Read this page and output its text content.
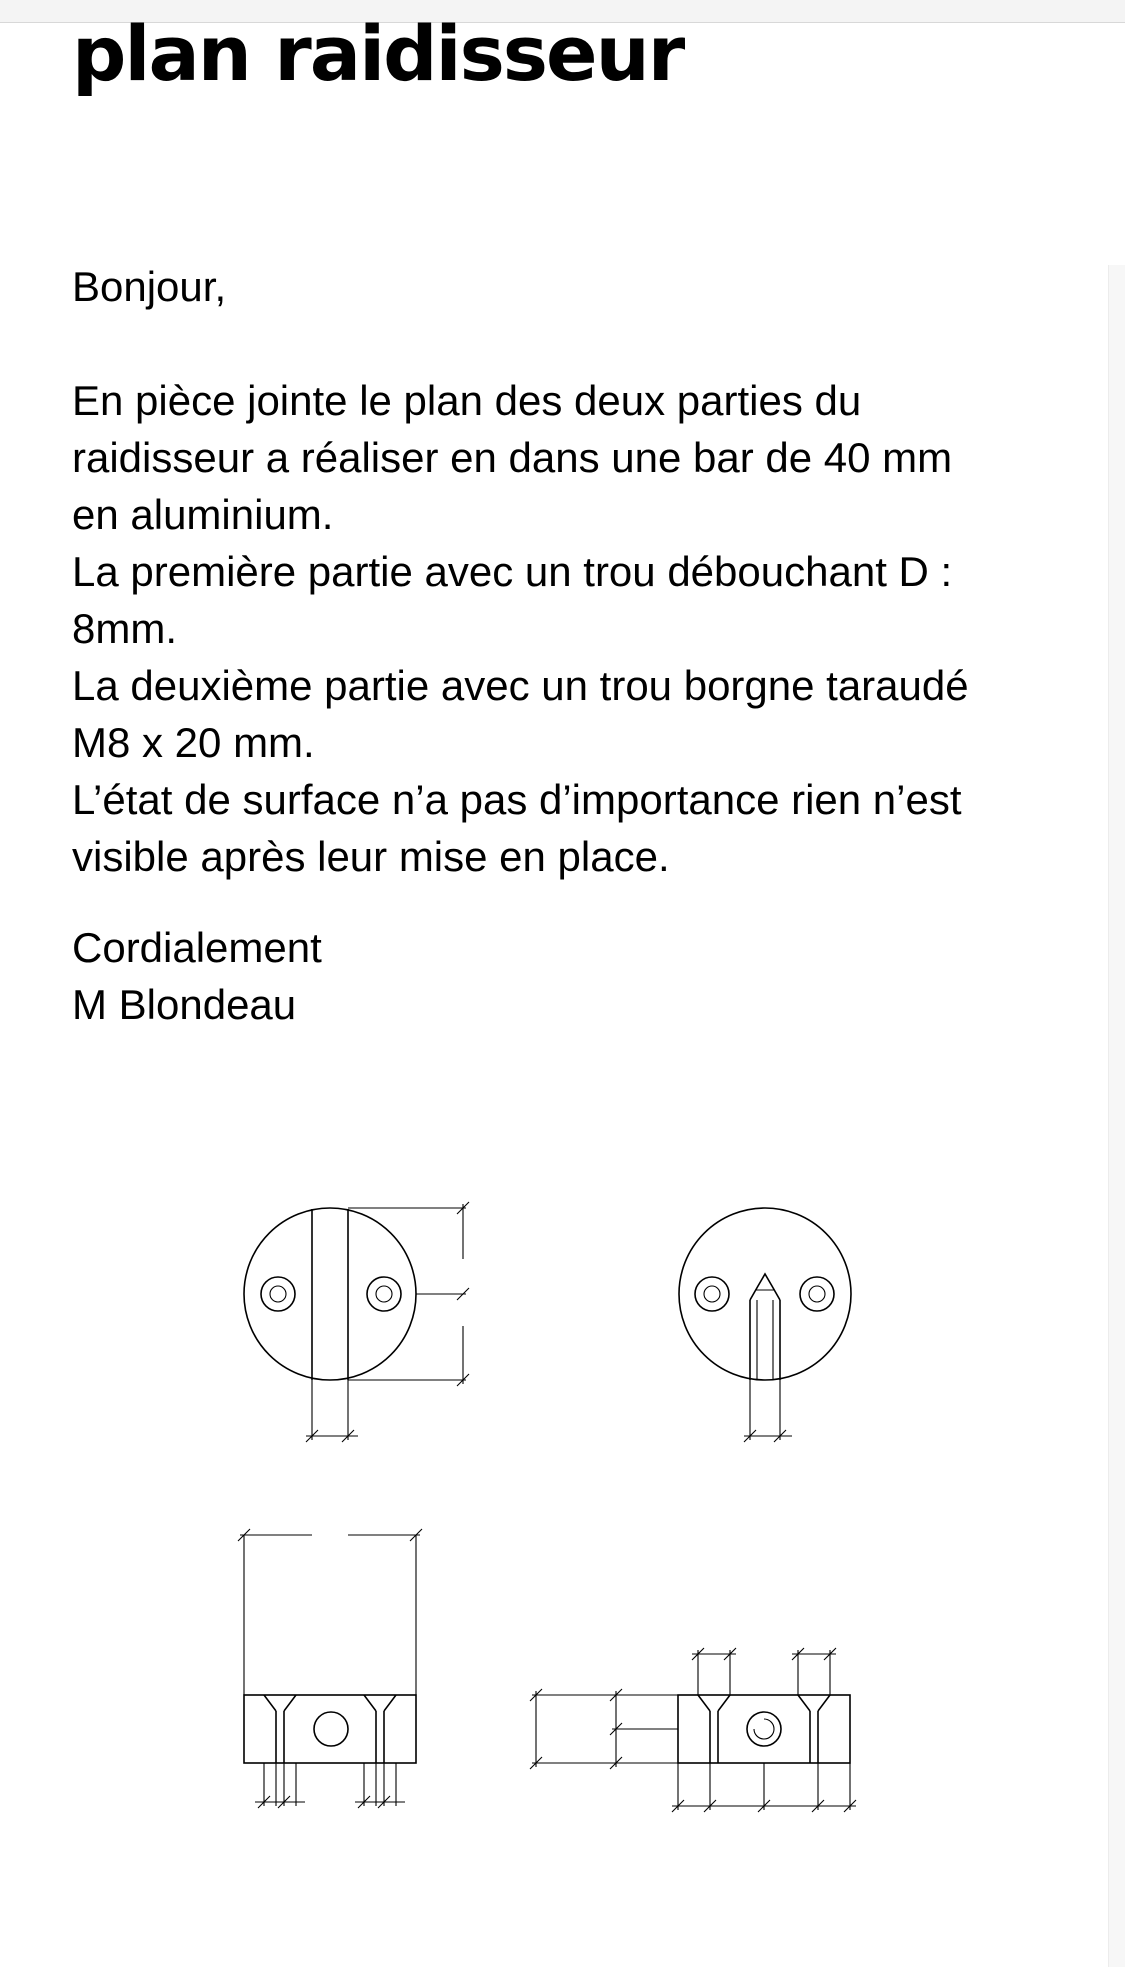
plan raidisseur

Bonjour,

En pièce jointe le plan des deux parties du

raidisseur a réaliser en dans une bar de 40 mm

en aluminium.

La première partie avec un trou débouchant D :

8mm.

La deuxième partie avec un trou borgne taraudé

M8 x 20 mm.

L’état de surface n’a pas d’importance rien n’est

visible après leur mise en place.

Cordialement

M Blondeau
